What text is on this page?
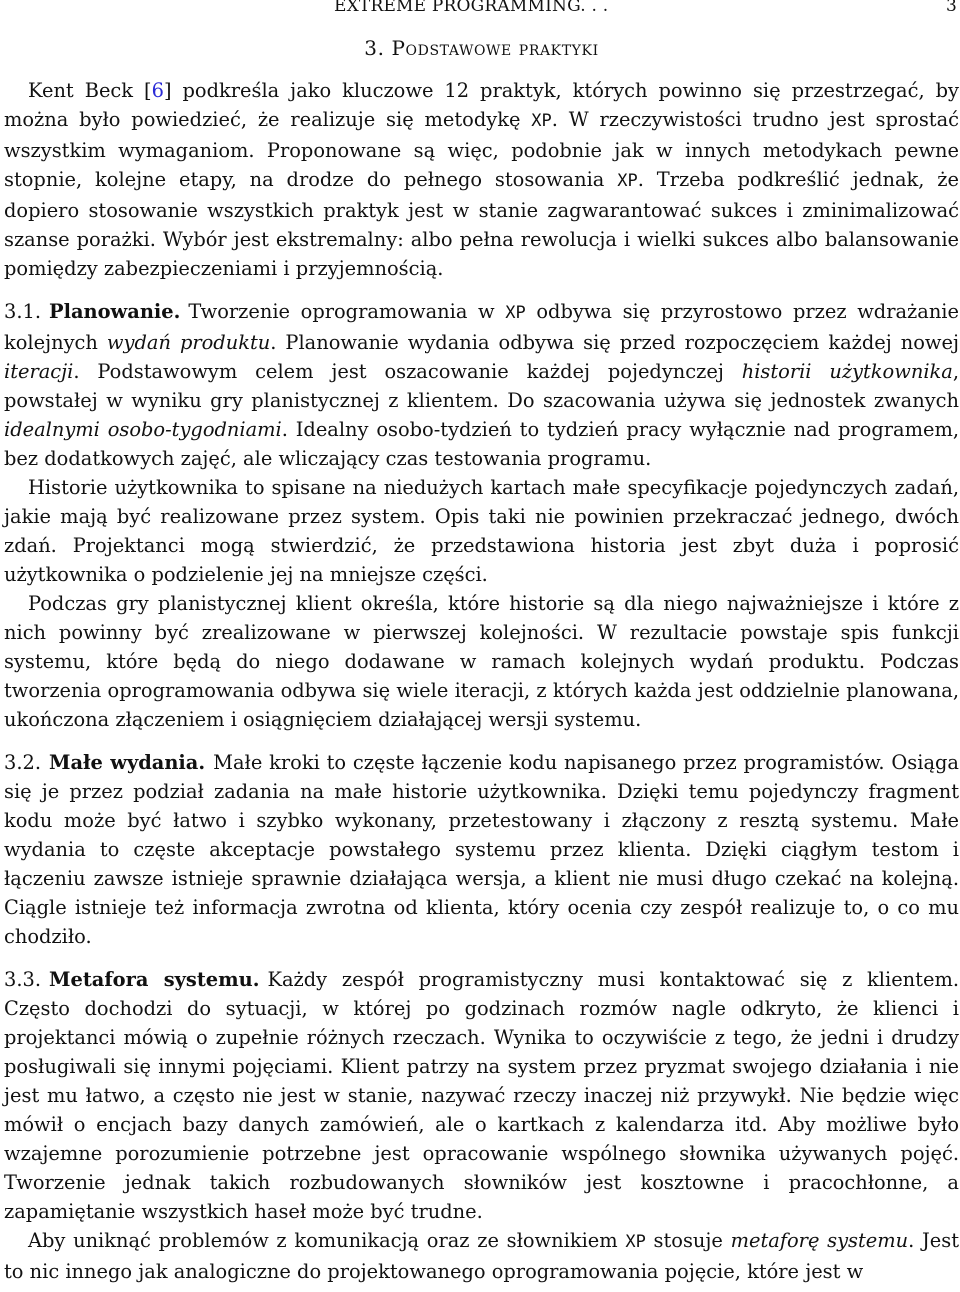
EXTREME PROGRAMMING. . .	3
3. Podstawowe praktyki

Kent Beck [6] podkreśla jako kluczowe 12 praktyk, których powinno się przestrzegać, by można było powiedzieć, że realizuje się metodykę XP. W rzeczywistości trudno jest sprostać wszystkim wymaganiom. Proponowane są więc, podobnie jak w innych metodykach pewne stopnie, kolejne etapy, na drodze do pełnego stosowania XP. Trzeba podkreślić jednak, że dopiero stosowanie wszystkich praktyk jest w stanie zagwarantować sukces i zminimalizować szanse porażki. Wybór jest ekstremalny: albo pełna rewolucja i wielki sukces albo balansowanie pomiędzy zabezpieczeniami i przyjemnością.

3.1. Planowanie. Tworzenie oprogramowania w XP odbywa się przyrostowo przez wdrażanie kolejnych wydań produktu. Planowanie wydania odbywa się przed rozpoczęciem każdej nowej iteracji. Podstawowym celem jest oszacowanie każdej pojedynczej historii użytkownika, powstałej w wyniku gry planistycznej z klientem. Do szacowania używa się jednostek zwanych idealnymi osobo-tygodniami. Idealny osobo-tydzień to tydzień pracy wyłącznie nad programem, bez dodatkowych zajęć, ale wliczający czas testowania programu.

Historie użytkownika to spisane na niedużych kartach małe specyfikacje pojedynczych zadań, jakie mają być realizowane przez system. Opis taki nie powinien przekraczać jednego, dwóch zdań. Projektanci mogą stwierdzić, że przedstawiona historia jest zbyt duża i poprosić użytkownika o podzielenie jej na mniejsze części.

Podczas gry planistycznej klient określa, które historie są dla niego najważniejsze i które z nich powinny być zrealizowane w pierwszej kolejności. W rezultacie powstaje spis funkcji systemu, które będą do niego dodawane w ramach kolejnych wydań produktu. Podczas tworzenia oprogramowania odbywa się wiele iteracji, z których każda jest oddzielnie planowana, ukończona złączeniem i osiągnięciem działającej wersji systemu.

3.2. Małe wydania. Małe kroki to częste łączenie kodu napisanego przez programistów. Osiąga się je przez podział zadania na małe historie użytkownika. Dzięki temu pojedynczy fragment kodu może być łatwo i szybko wykonany, przetestowany i złączony z resztą systemu. Małe wydania to częste akceptacje powstałego systemu przez klienta. Dzięki ciągłym testom i łączeniu zawsze istnieje sprawnie działająca wersja, a klient nie musi długo czekać na kolejną. Ciągle istnieje też informacja zwrotna od klienta, który ocenia czy zespół realizuje to, o co mu chodziło.

3.3. Metafora systemu. Każdy zespół programistyczny musi kontaktować się z klientem. Często dochodzi do sytuacji, w której po godzinach rozmów nagle odkryto, że klienci i projektanci mówią o zupełnie różnych rzeczach. Wynika to oczywiście z tego, że jedni i drudzy posługiwali się innymi pojęciami. Klient patrzy na system przez pryzmat swojego działania i nie jest mu łatwo, a często nie jest w stanie, nazywać rzeczy inaczej niż przywykł. Nie będzie więc mówił o encjach bazy danych zamówień, ale o kartkach z kalendarza itd. Aby możliwe było wzajemne porozumienie potrzebne jest opracowanie wspólnego słownika używanych pojęć. Tworzenie jednak takich rozbudowanych słowników jest kosztowne i pracochłonne, a zapamiętanie wszystkich haseł może być trudne.

Aby uniknąć problemów z komunikacją oraz ze słownikiem XP stosuje metaforę systemu. Jest to nic innego jak analogiczne do projektowanego oprogramowania pojęcie, które jest w
